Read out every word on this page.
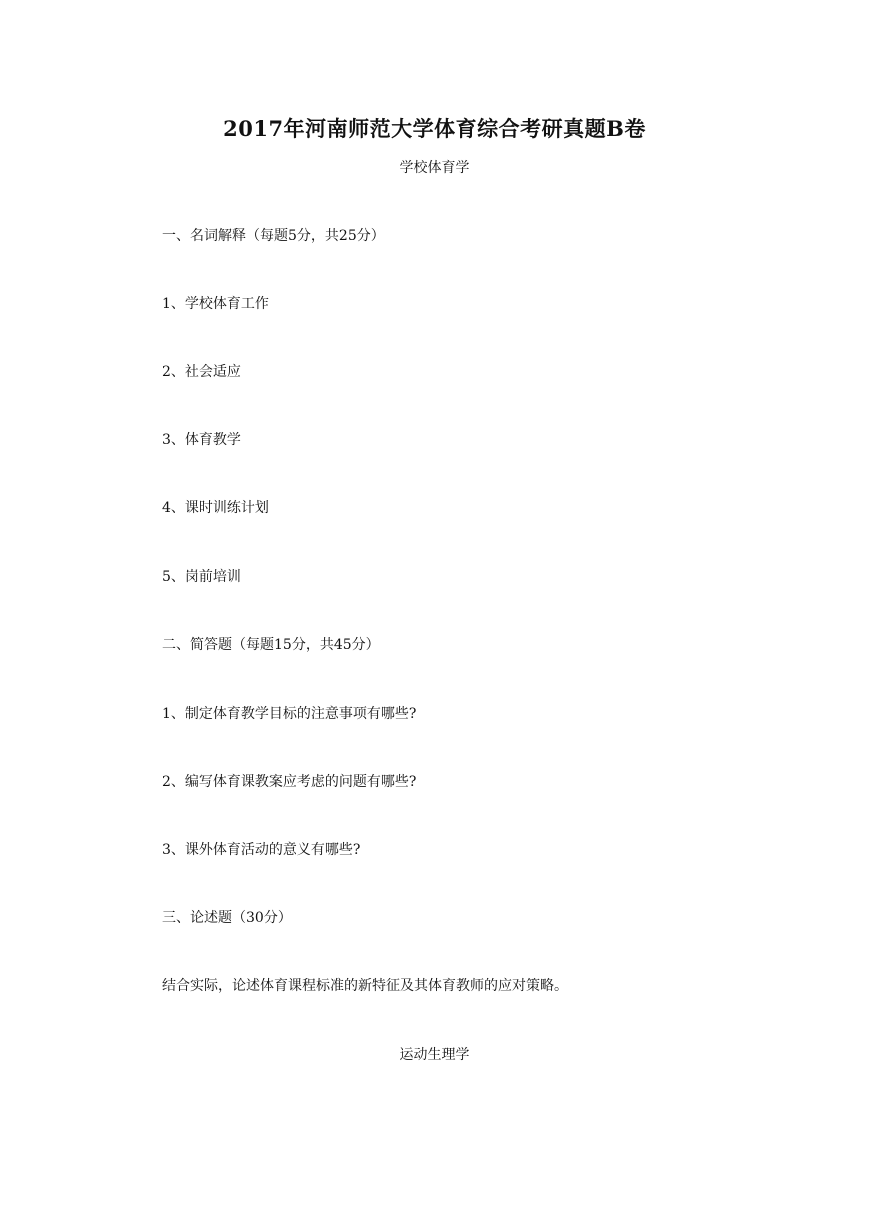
2017年河南师范大学体育综合考研真题B卷
学校体育学
一、名词解释（每题5分，共25分）
1、学校体育工作
2、社会适应
3、体育教学
4、课时训练计划
5、岗前培训
二、简答题（每题15分，共45分）
1、制定体育教学目标的注意事项有哪些?
2、编写体育课教案应考虑的问题有哪些?
3、课外体育活动的意义有哪些?
三、论述题（30分）
结合实际，论述体育课程标准的新特征及其体育教师的应对策略。
运动生理学
